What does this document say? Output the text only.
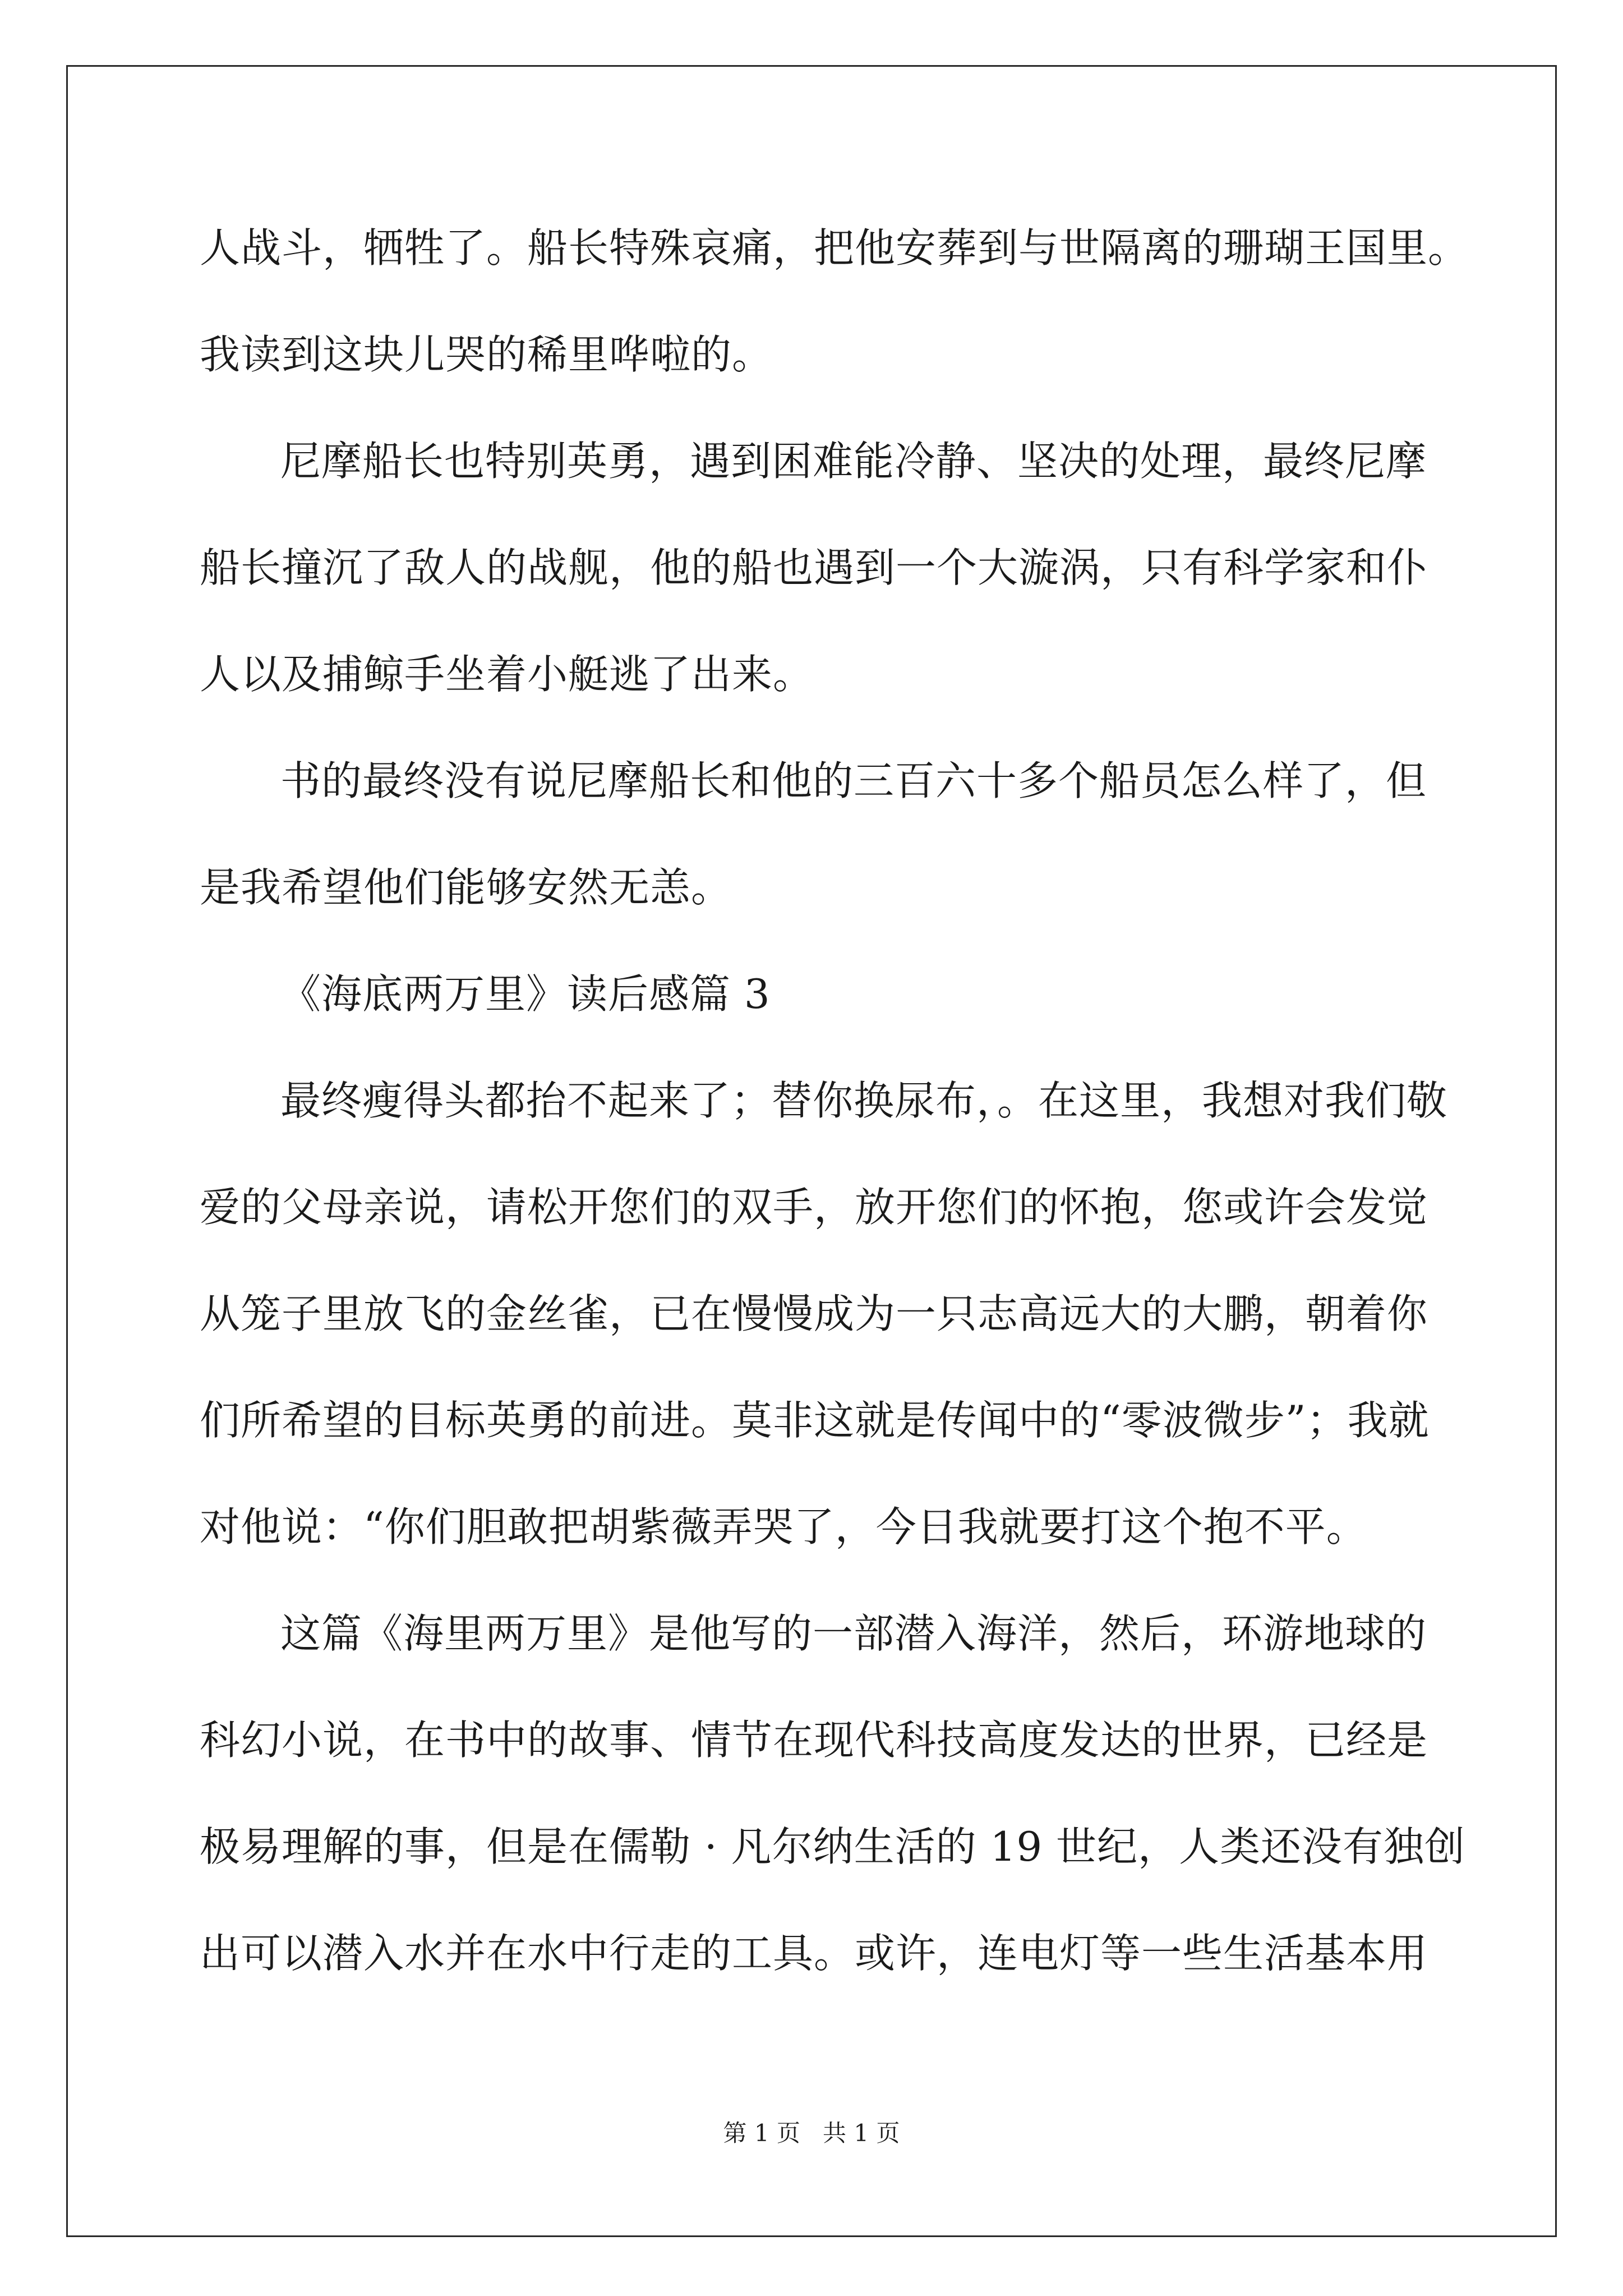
人战斗，牺牲了。船长特殊哀痛，把他安葬到与世隔离的珊瑚王国里。
我读到这块儿哭的稀里哗啦的。
尼摩船长也特别英勇，遇到困难能冷静、坚决的处理，最终尼摩
船长撞沉了敌人的战舰，他的船也遇到一个大漩涡，只有科学家和仆
人以及捕鲸手坐着小艇逃了出来。
书的最终没有说尼摩船长和他的三百六十多个船员怎么样了，但
是我希望他们能够安然无恙。
《海底两万里》读后感篇 3
最终瘦得头都抬不起来了；替你换尿布，。在这里，我想对我们敬
爱的父母亲说，请松开您们的双手，放开您们的怀抱，您或许会发觉
从笼子里放飞的金丝雀，已在慢慢成为一只志高远大的大鹏，朝着你
们所希望的目标英勇的前进。莫非这就是传闻中的“零波微步”；我就
对他说：“你们胆敢把胡紫薇弄哭了，今日我就要打这个抱不平。
这篇《海里两万里》是他写的一部潜入海洋，然后，环游地球的
科幻小说，在书中的故事、情节在现代科技高度发达的世界，已经是
极易理解的事，但是在儒勒 · 凡尔纳生活的 19 世纪，人类还没有独创
出可以潜入水并在水中行走的工具。或许，连电灯等一些生活基本用
第 1 页   共 1 页
